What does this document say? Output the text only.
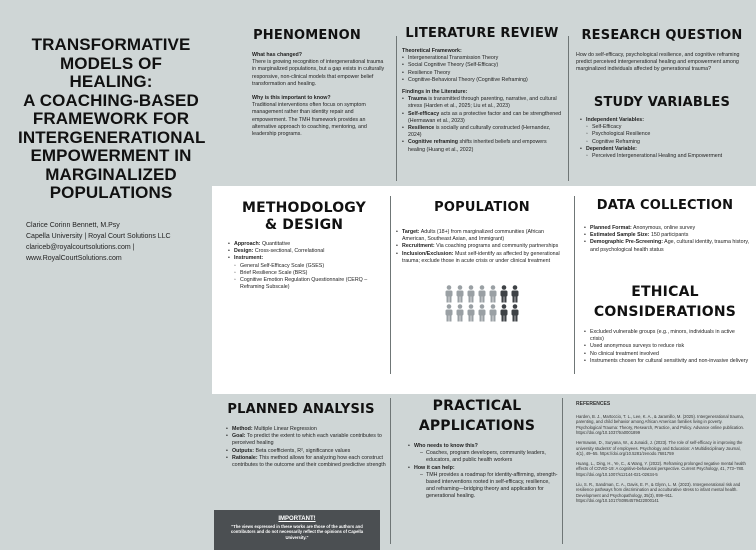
TRANSFORMATIVE
MODELS OF HEALING:
A COACHING-BASED
FRAMEWORK FOR
INTERGENERATIONAL
EMPOWERMENT IN
MARGINALIZED
POPULATIONS
Clarice Corinn Bennett, M.Psy
Capella University | Royal Court Solutions LLC
clariceb@royalcourtsolutions.com |
www.RoyalCourtSolutions.com
PHENOMENON
What has changed?
There is growing recognition of intergenerational trauma in marginalized populations, but a gap exists in culturally responsive, non-clinical models that empower belief transformation and healing.
Why is this important to know?
Traditional interventions often focus on symptom management rather than identity repair and empowerment. The TMH framework provides an alternative approach to coaching, mentoring, and leadership programs.
LITERATURE REVIEW
Theoretical Framework:
• Intergenerational Transmission Theory
• Social Cognitive Theory (Self-Efficacy)
• Resilience Theory
• Cognitive-Behavioral Theory (Cognitive Reframing)
Findings in the Literature:
• Trauma is transmitted through parenting, narrative, and cultural stress (Harden et al., 2025; Liu et al., 2023)
• Self-efficacy acts as a protective factor and can be strengthened (Hermawan et al., 2023)
• Resilience is socially and culturally constructed (Hernandez, 2024)
• Cognitive reframing shifts inherited beliefs and empowers healing (Huang et al., 2022)
RESEARCH QUESTION
How do self-efficacy, psychological resilience, and cognitive reframing predict perceived intergenerational healing and empowerment among marginalized individuals affected by generational trauma?
STUDY VARIABLES
• Independent Variables:
◦ Self-Efficacy
◦ Psychological Resilience
◦ Cognitive Reframing
• Dependent Variable:
◦ Perceived Intergenerational Healing and Empowerment
METHODOLOGY
& DESIGN
• Approach: Quantitative
• Design: Cross-sectional, Correlational
• Instrument:
◦ General Self-Efficacy Scale (GSES)
◦ Brief Resilience Scale (BRS)
◦ Cognitive Emotion Regulation Questionnaire (CERQ – Reframing Subscale)
POPULATION
• Target: Adults (18+) from marginalized communities (African American, Southeast Asian, and Immigrant)
• Recruitment: Via coaching programs and community partnerships
• Inclusion/Exclusion: Must self-identify as affected by generational trauma; exclude those in acute crisis or under clinical treatment
DATA COLLECTION
• Planned Format: Anonymous, online survey
• Estimated Sample Size: 150 participants
• Demographic Pre-Screening: Age, cultural identity, trauma history, and psychological health status
ETHICAL
CONSIDERATIONS
• Excluded vulnerable groups (e.g., minors, individuals in active crisis)
• Used anonymous surveys to reduce risk
• No clinical treatment involved
• Instruments chosen for cultural sensitivity and non-invasive delivery
PLANNED ANALYSIS
• Method: Multiple Linear Regression
• Goal: To predict the extent to which each variable contributes to perceived healing
• Outputs: Beta coefficients, R², significance values
• Rationale: This method allows for analyzing how each construct contributes to the outcome and their combined predictive strength
IMPORTANT!
"The views expressed in these works are those of the authors and contributors and do not necessarily reflect the opinions of Capella University."
PRACTICAL
APPLICATIONS
• Who needs to know this?
– Coaches, program developers, community leaders, educators, and public health workers
• How it can help:
– TMH provides a roadmap for identity-affirming, strength-based interventions rooted in self-efficacy, resilience, and reframing—bridging theory and application for generational healing.
REFERENCES

Harden, B. J., Martoccio, T. L., Lee, K. A., & Jaramillo, M. (2025). Intergenerational trauma, parenting, and child behavior among African American families living in poverty. Psychological Trauma: Theory, Research, Practice, and Policy. Advance online publication. https://doi.org/10.1037/tra0001899

Hermawan, D., Suryana, W., & Junaidi, J. (2023). The role of self-efficacy in improving the university students' of employees. Psychology and Education: A Multidisciplinary Journal, 4(1), 49–55. https://doi.org/10.5281/zenodo.7681759

Huang, L., Ding, H., Ye, C., & Wang, Y. (2022). Reframing prolonged negative mental health effects of COVID-19: A cognitive-behavioral perspective. Current Psychology, 41, 773–780. https://doi.org/10.1007/s12144-021-02634-5

Liu, S. R., Sandman, C. A., Davis, E. P., & Glynn, L. M. (2023). Intergenerational risk and resilience pathways from discrimination and acculturative stress to infant mental health. Development and Psychopathology, 35(3), 899–911. https://doi.org/10.1017/S0954579422000141
